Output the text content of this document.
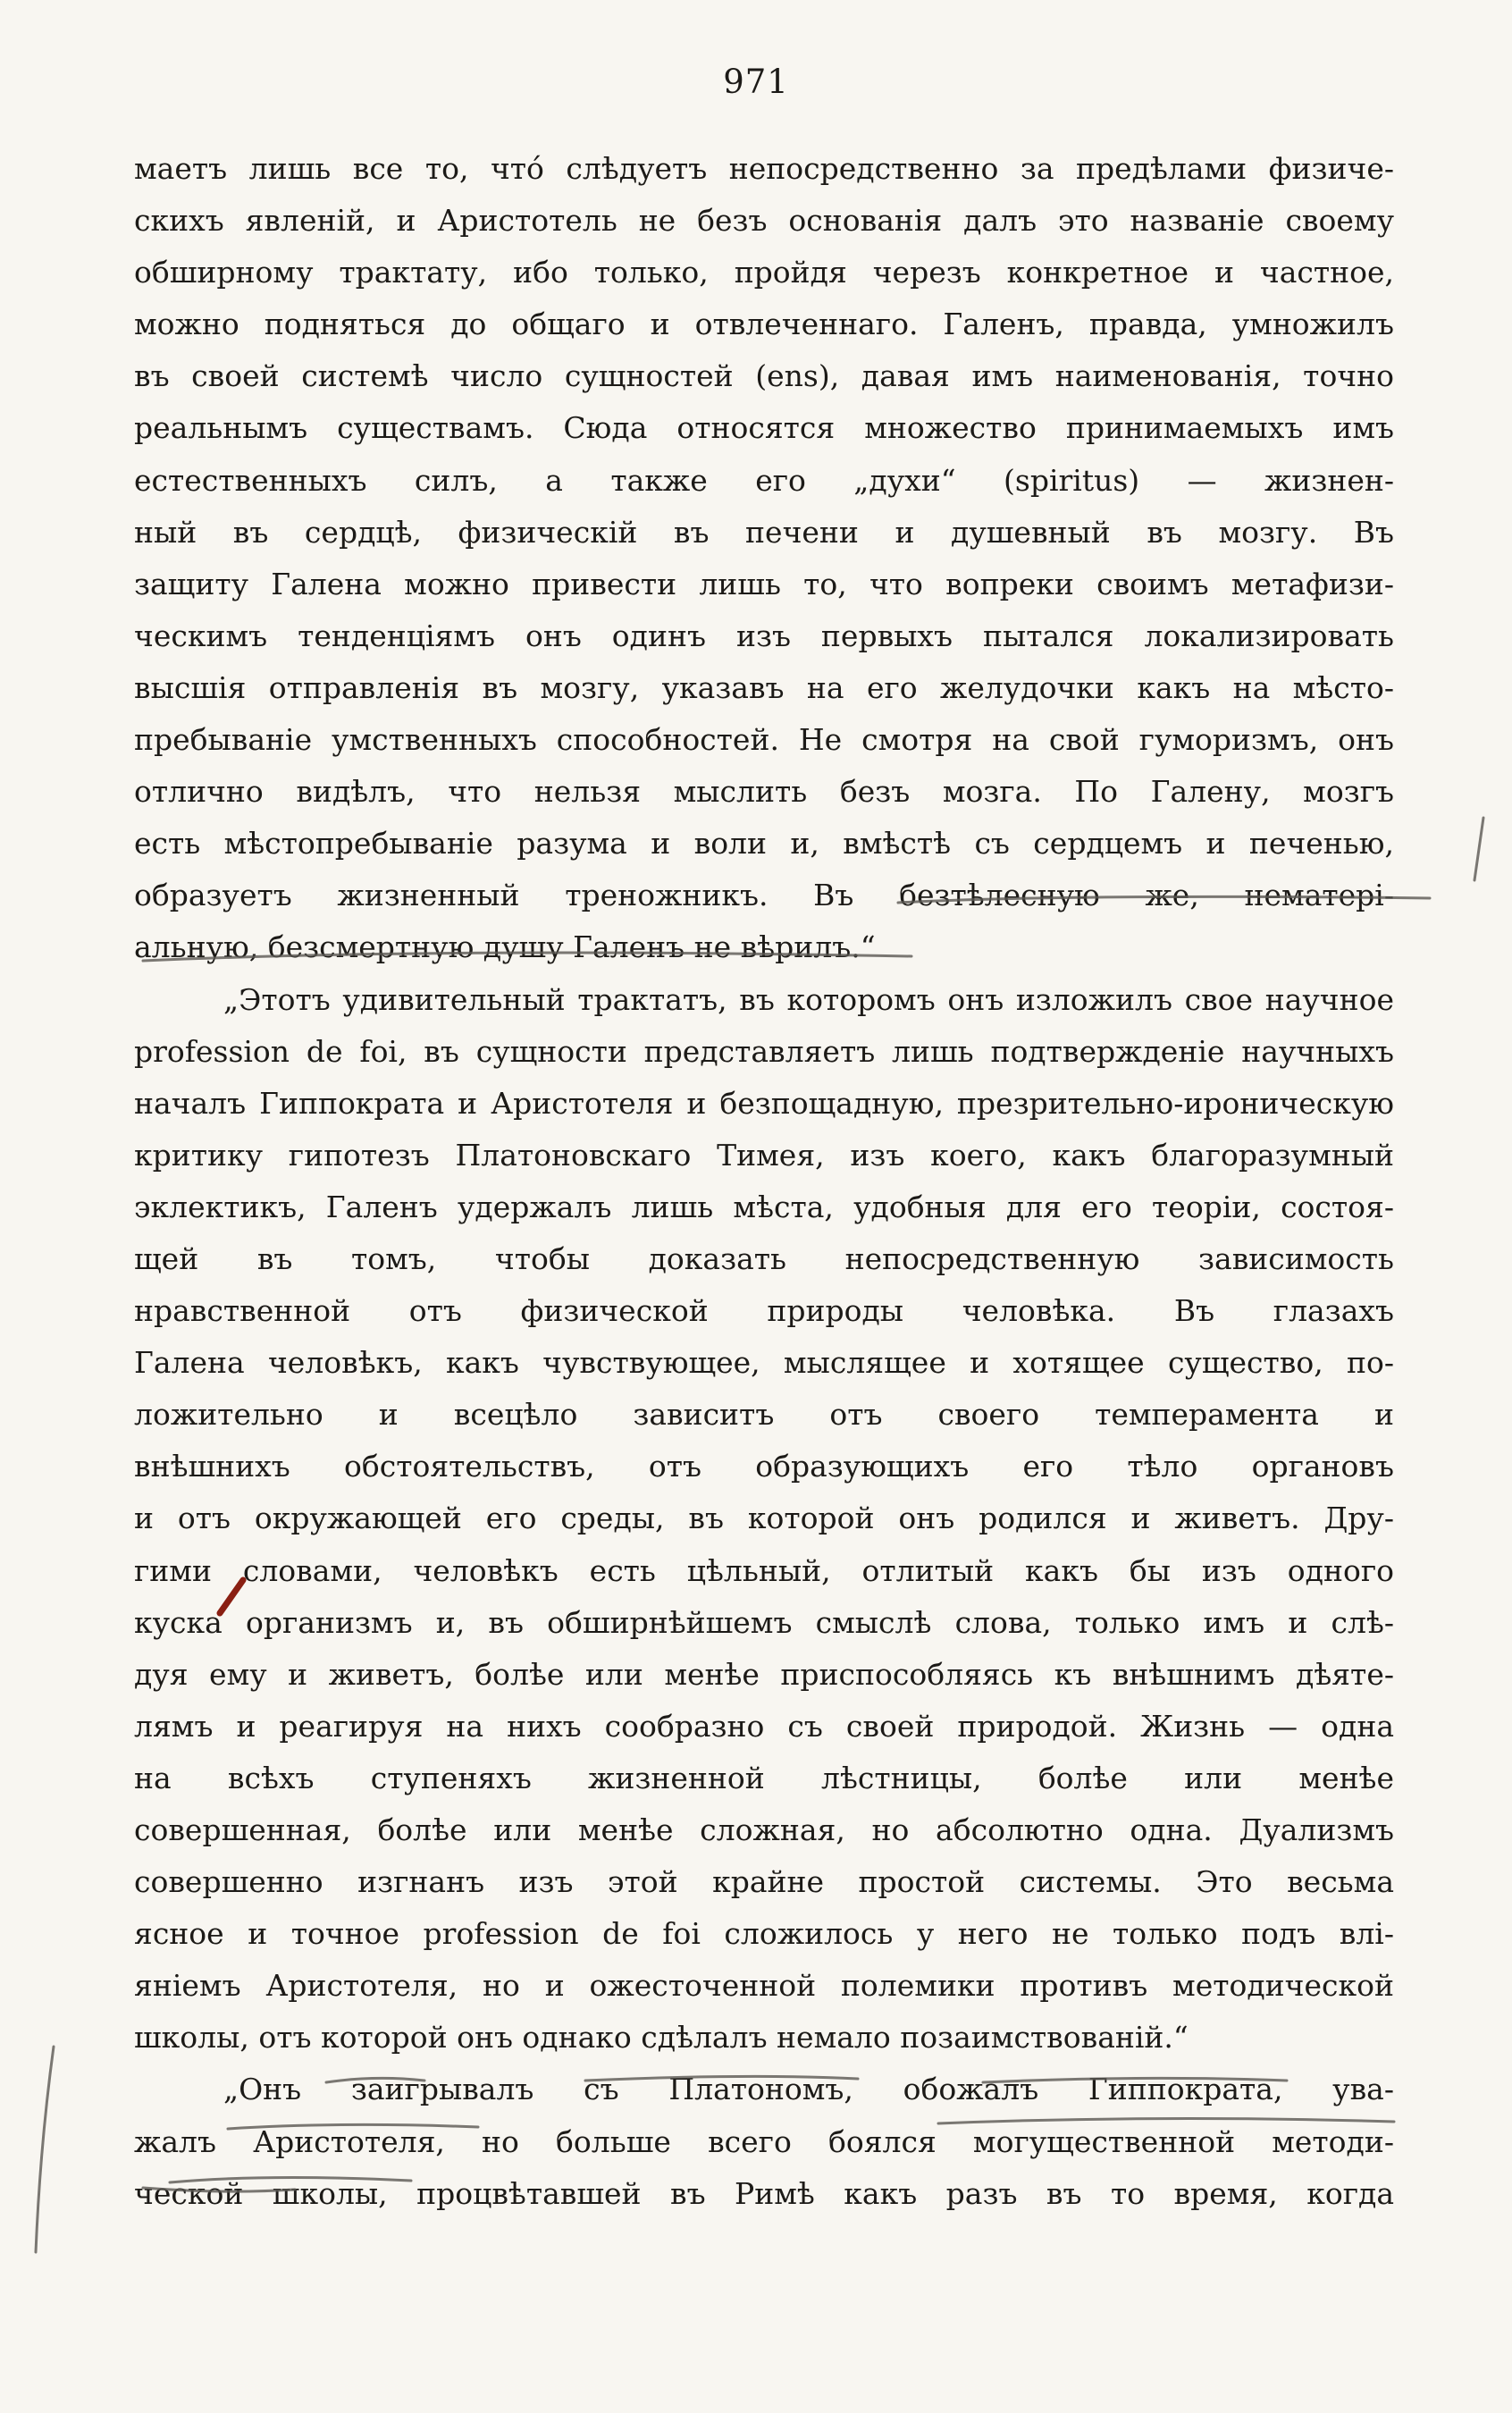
971
маетъ лишь все то, чтó слѣдуетъ непосредственно за предѣлами физиче-
скихъ явленій, и Аристотель не безъ основанія далъ это названіе своему
обширному трактату, ибо только, пройдя черезъ конкретное и частное,
можно подняться до общаго и отвлеченнаго. Галенъ, правда, умножилъ
въ своей системѣ число сущностей (ens), давая имъ наименованія, точно
реальнымъ существамъ. Сюда относятся множество принимаемыхъ имъ
естественныхъ силъ, а также его „духи“ (spiritus) — жизнен-
ный въ сердцѣ, физическій въ печени и душевный въ мозгу. Въ
защиту Галена можно привести лишь то, что вопреки своимъ метафизи-
ческимъ тенденціямъ онъ одинъ изъ первыхъ пытался локализировать
высшія отправленія въ мозгу, указавъ на его желудочки какъ на мѣсто-
пребываніе умственныхъ способностей. Не смотря на свой гуморизмъ, онъ
отлично видѣлъ, что нельзя мыслить безъ мозга. По Галену, мозгъ
есть мѣстопребываніе разума и воли и, вмѣстѣ съ сердцемъ и печенью,
образуетъ жизненный треножникъ. Въ безтѣлесную же, нематері-
альную, безсмертную душу Галенъ не вѣрилъ.“
„Этотъ удивительный трактатъ, въ которомъ онъ изложилъ свое научное
profession de foi, въ сущности представляетъ лишь подтвержденіе научныхъ
началъ Гиппократа и Аристотеля и безпощадную, презрительно-ироническую
критику гипотезъ Платоновскаго Тимея, изъ коего, какъ благоразумный
эклектикъ, Галенъ удержалъ лишь мѣста, удобныя для его теоріи, состоя-
щей въ томъ, чтобы доказать непосредственную зависимость
нравственной отъ физической природы человѣка. Въ глазахъ
Галена человѣкъ, какъ чувствующее, мыслящее и хотящее существо, по-
ложительно и всецѣло зависитъ отъ своего темперамента и
внѣшнихъ обстоятельствъ, отъ образующихъ его тѣло органовъ
и отъ окружающей его среды, въ которой онъ родился и живетъ. Дру-
гими словами, человѣкъ есть цѣльный, отлитый какъ бы изъ одного
куска организмъ и, въ обширнѣйшемъ смыслѣ слова, только имъ и слѣ-
дуя ему и живетъ, болѣе или менѣе приспособляясь къ внѣшнимъ дѣяте-
лямъ и реагируя на нихъ сообразно съ своей природой. Жизнь — одна
на всѣхъ ступеняхъ жизненной лѣстницы, болѣе или менѣе
совершенная, болѣе или менѣе сложная, но абсолютно одна. Дуализмъ
совершенно изгнанъ изъ этой крайне простой системы. Это весьма
ясное и точное profession de foi сложилось у него не только подъ влі-
яніемъ Аристотеля, но и ожесточенной полемики противъ методической
школы, отъ которой онъ однако сдѣлалъ немало позаимствованій.“
„Онъ заигрывалъ съ Платономъ, обожалъ Гиппократа, ува-
жалъ Аристотеля, но больше всего боялся могущественной методи-
ческой школы, процвѣтавшей въ Римѣ какъ разъ въ то время, когда
